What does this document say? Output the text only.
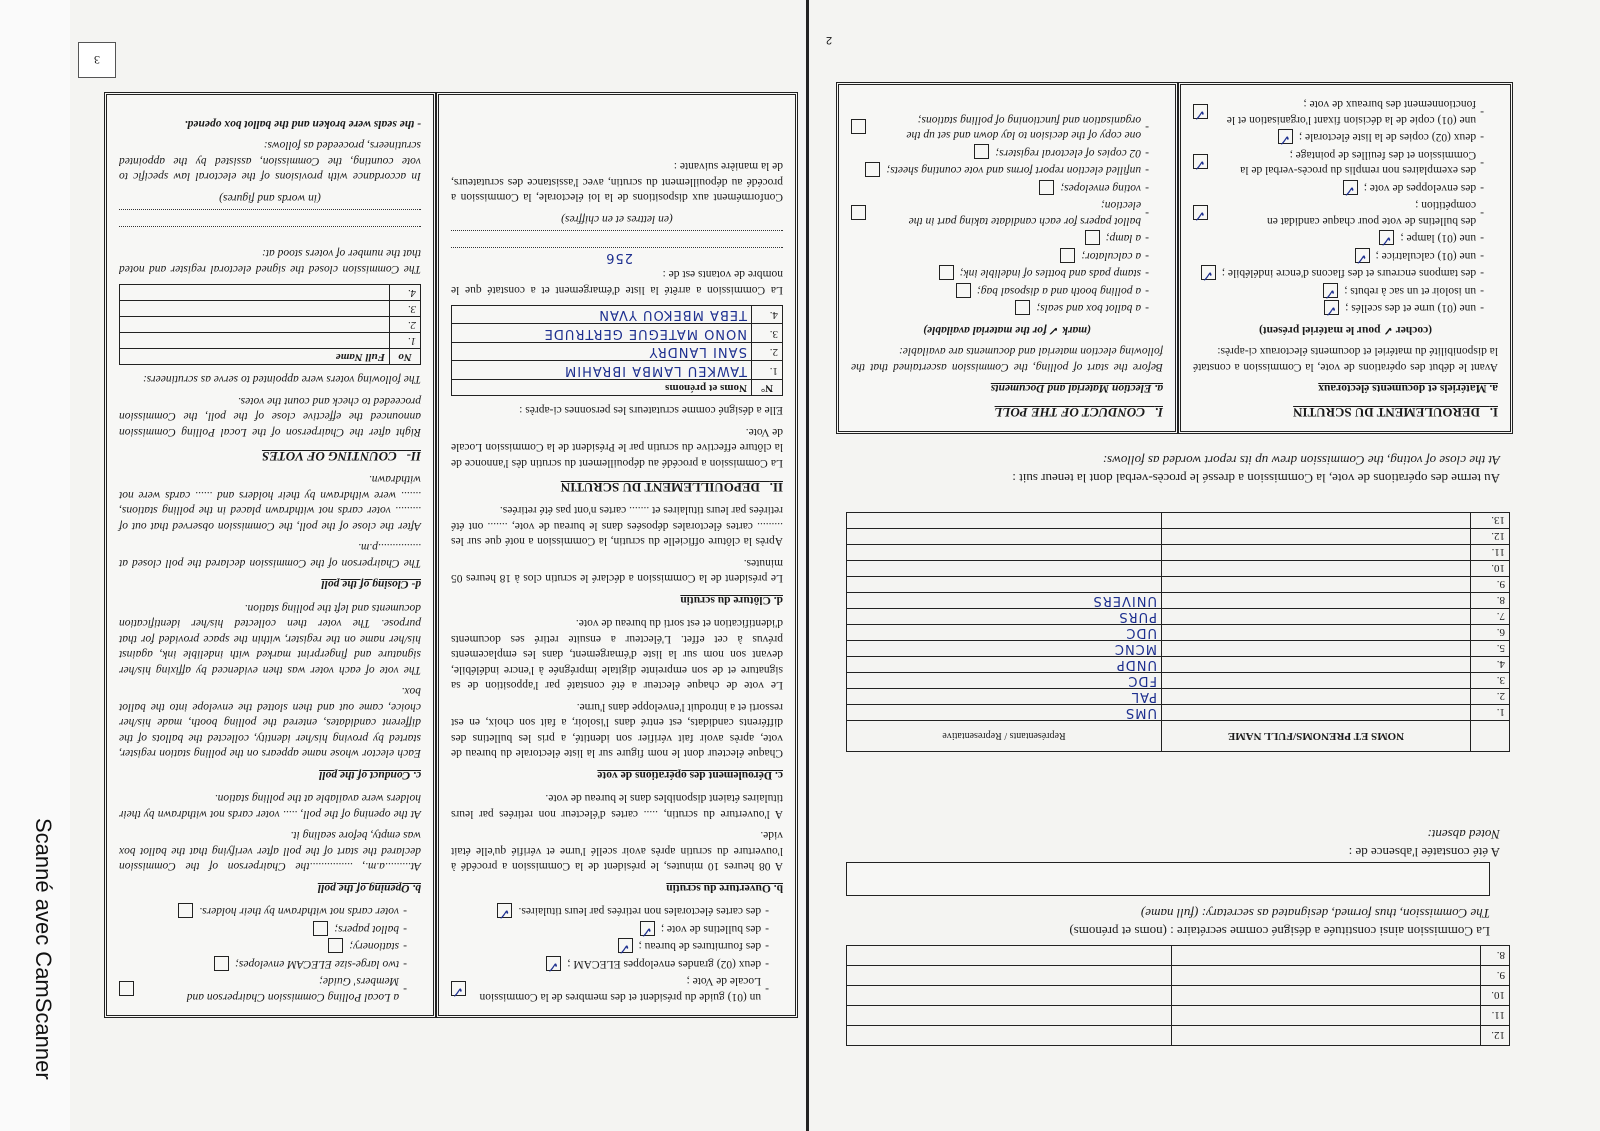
Scanné avec CamScanner
3
2
I.   DEROULEMENT DU SCRUTIN
a. Matériels et documents électoraux

Avant le début des opérations de vote, la Commission a constaté la disponibilité du matériel et documents électoraux ci-après:

(cocher ✓ pour le matériel présent)

- une (01) urne et des scellés ;
✓
- un isoloir et un sac à rebuts ;
✓
- des tampons encreurs et des flacons d'encre indélébile ;
✓
- une (01) calculatrice ;
✓
- une (01) lampe ;
✓
- des bulletins de vote pour chaque candidat en compétition ;
✓
- des enveloppes de vote ;
✓
- des exemplaires non remplis du procès-verbal de la Commission et des feuilles de pointage ;
✓
- deux (02) copies de la liste électorale ;
✓
- une (01) copie de la décision fixant l'organisation et le fonctionnement des bureaux de vote ;
✓
I.   CONDUCT OF THE POLL
a. Election Material and Documents

Before the start of polling, the Commission ascertained that the following election material and documents are available:

(mark ✓ for the material available)

- a ballot box and seals;
- a polling booth and a disposal bag;
- stamp pads and bottles of indelible ink;
- a calculator;
- a lamp;
- ballot papers for each candidate taking part in the election;
- voting envelopes;
- unfilled election report forms and vote counting sheets;
- 02 copies of electoral registers;
- one copy of the decision to lay down and set up the organisation and functioning of polling stations;
Au terme des opérations de vote, la Commission a dressé le procès-verbal dont la teneur suit :
At the close of voting, the Commission drew up its report worded as follows:
	NOMS ET PRENOMS/FULL NAME	Représentants / Representative
1.		UMS
2.		PAL
3.		FDC
4.		UNDP
5.		MCNC
6.		UDC
7.		PURS
8.		UNIVERS
9.		
10.		
11.		
12.		
13.		
A été constatée l'absence de :
Noted absent:
La Commission ainsi constituée a désigné comme secrétaire : (noms et prénoms)
The Commission, thus formed, designated as secretary: (full name)
12.		
11.		
10.		
9.		
8.		
- un (01) guide du président et des membres de la Commission Locale de Vote ;
✓
- deux (02) grandes enveloppes ELECAM ;
✓
- des fournitures de bureau ;
✓
- des bulletins de vote ;
✓
- des cartes électorales non retirées par leurs titulaires.
✓
b. Ouverture du scrutin

A 08 heures 10 minutes, le président de la Commission a procédé à l'ouverture du scrutin après avoir scellé l'urne et vérifié qu'elle était vide.

A l'ouverture du scrutin, ..... cartes d'électeur non retirées par leurs titulaires étaient disponibles dans le bureau de vote.

c. Déroulement des opérations de vote

Chaque électeur dont le nom figure sur la liste électorale du bureau de vote, après avoir fait vérifier son identité, a pris les bulletins des différents candidats, est entré dans l'isoloir, a fait son choix, en est ressorti et a introduit l'enveloppe dans l'urne.

Le vote de chaque électeur a été constaté par l'apposition de sa signature et de son empreinte digitale imprégnée à l'encre indélébile, devant son nom sur la liste d'émargement, dans les emplacements prévus à cet effet. L'électeur a ensuite retiré ses documents d'identification et est sorti du bureau de vote.

d. Clôture du scrutin

Le président de la Commission a déclaré le scrutin clos à 18 heures 05 minutes.

Après la clôture officielle du scrutin, la Commission a noté que sur les ......... cartes électorales déposées dans le bureau de vote, ....... ont été retirées par leurs titulaires et ....... cartes n'ont pas été retirées.

II.   DEPOUILLEMENT DU SCRUTIN

La Commission a procédé au dépouillement du scrutin dès l'annonce de la clôture effective du scrutin par le Président de la Commission Locale de Vote.

Elle a désigné comme scrutateurs les personnes ci-après :

N°	Noms et prénoms
1.	TAWKEU LAMBA IBRAHIM
2.	SANI LANDRY
3.	NONO MATEGUE GERTRUDE
4.	TEBA MBEKOU YVAN

La Commission a arrêté la liste d'émargement et a constaté que le nombre de votants est de :

256

(en lettres et en chiffres)

Conformément aux dispositions de la loi électorale, la Commission a procédé au dépouillement du scrutin, avec l'assistance des scrutateurs, de la manière suivante :

- a Local Polling Commission Chairperson and Members' Guide;
- two large-size ELECAM envelopes;
- stationery;
- ballot papers;
- voter cards not withdrawn by their holders.
b. Opening of the poll

At.........a.m., ...............the Chairperson of the Commission declared the start of the poll after verifying that the ballot box was empty, before sealing it.

At the opening of the poll, ..... voter cards not withdrawn by their holders were available at the polling station.

c. Conduct of the poll

Each elector whose name appears on the polling station register, started by proving his/her identity, collected the ballots of the different candidates, entered the polling booth, made his/her choice, came out and then slotted the envelope into the ballot box.

The vote of each voter was then evidenced by affixing his/her signature and fingerprint marked with indelible ink, against his/her name on the register, within the space provided for that purpose. The voter then collected his/her identification documents and left the polling station.

d- Closing of the poll

The Chairperson of the Commission declared the poll closed at ...............p.m.

After the close of the poll, the Commission observed that out of ......... voter cards not withdrawn placed in the polling stations, ....... were withdrawn by their holders and ...... cards were not withdrawn.

II-   COUNTING OF VOTES

Right after the Chairperson of the Local Polling Commission announced the effective close of the poll, the Commission proceeded to check and count the votes.

The following voters were appointed to serve as scrutineers:

No	Full Name
1.	
2.	
3.	
4.	

The Commission closed the signed electoral register and noted that the number of voters stood at:

(in words and figures)

In accordance with provisions of the electoral law specific to vote counting, the Commission, assisted by the appointed scrutineers, proceeded as follows:

- the seals were broken and the ballot box opened.
